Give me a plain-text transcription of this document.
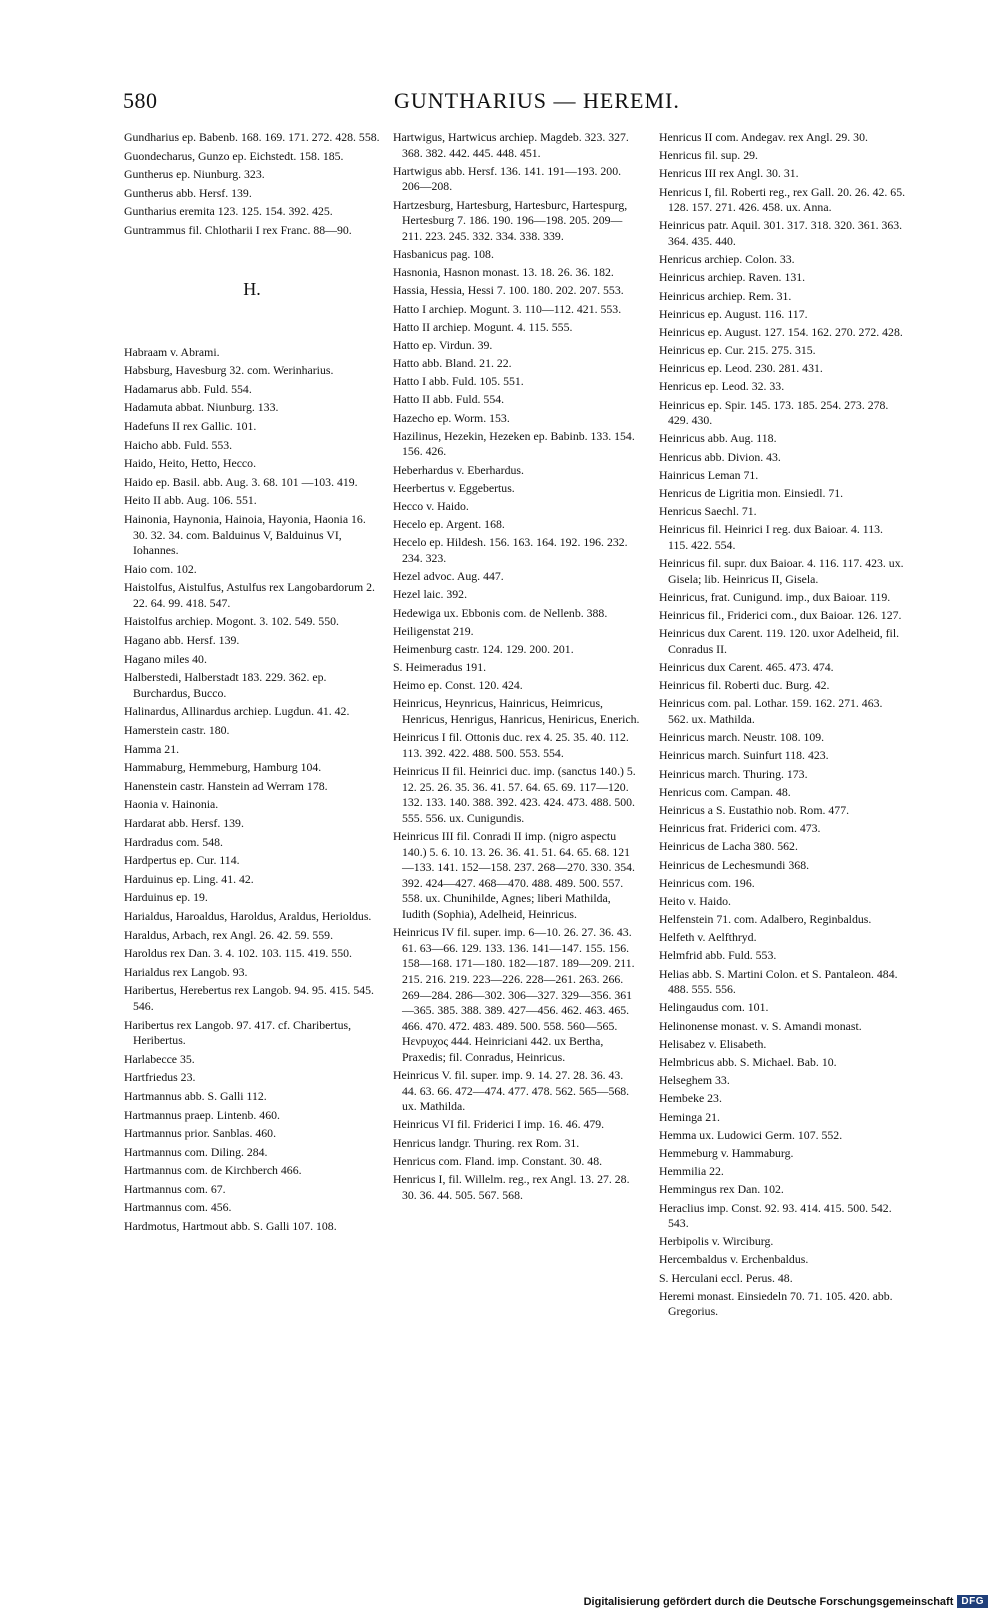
580	GUNTHARIUS — HEREMI.
Gundharius ep. Babenb. 168. 169. 171. 272. 428. 558.
Guondecharus, Gunzo ep. Eichstedt. 158. 185.
Guntherus ep. Niunburg. 323.
Guntherus abb. Hersf. 139.
Guntharius eremita 123. 125. 154. 392. 425.
Guntrammus fil. Chlotharii I rex Franc. 88—90.
H.
Habraam v. Abrami.
Habsburg, Havesburg 32. com. Werinharius.
Hadamarus abb. Fuld. 554.
Hadamuta abbat. Niunburg. 133.
Hadefuns II rex Gallic. 101.
Haicho abb. Fuld. 553.
Haido, Heito, Hetto, Hecco.
Haido ep. Basil. abb. Aug. 3. 68. 101 —103. 419.
Heito II abb. Aug. 106. 551.
Hainonia, Haynonia, Hainoia, Hayonia, Haonia 16. 30. 32. 34. com. Balduinus V, Balduinus VI, Iohannes.
Haio com. 102.
Haistolfus, Aistulfus, Astulfus rex Langobardorum 2. 22. 64. 99. 418. 547.
Haistolfus archiep. Mogont. 3. 102. 549. 550.
Hagano abb. Hersf. 139.
Hagano miles 40.
Halberstedi, Halberstadt 183. 229. 362. ep. Burchardus, Bucco.
Halinardus, Allinardus archiep. Lugdun. 41. 42.
Hamerstein castr. 180.
Hamma 21.
Hammaburg, Hemmeburg, Hamburg 104.
Hanenstein castr. Hanstein ad Werram 178.
Haonia v. Hainonia.
Hardarat abb. Hersf. 139.
Hardradus com. 548.
Hardpertus ep. Cur. 114.
Harduinus ep. Ling. 41. 42.
Harduinus ep. 19.
Harialdus, Haroaldus, Haroldus, Araldus, Herioldus.
Haraldus, Arbach, rex Angl. 26. 42. 59. 559.
Haroldus rex Dan. 3. 4. 102. 103. 115. 419. 550.
Harialdus rex Langob. 93.
Haribertus, Herebertus rex Langob. 94. 95. 415. 545. 546.
Haribertus rex Langob. 97. 417. cf. Charibertus, Heribertus.
Harlabecce 35.
Hartfriedus 23.
Hartmannus abb. S. Galli 112.
Hartmannus praep. Lintenb. 460.
Hartmannus prior. Sanblas. 460.
Hartmannus com. Diling. 284.
Hartmannus com. de Kirchberch 466.
Hartmannus com. 67.
Hartmannus com. 456.
Hardmotus, Hartmout abb. S. Galli 107. 108.
Hartwigus, Hartwicus archiep. Magdeb. 323. 327. 368. 382. 442. 445. 448. 451.
Hartwigus abb. Hersf. 136. 141. 191—193. 200. 206—208.
Hartzesburg, Hartesburg, Hartesburc, Hartespurg, Hertesburg 7. 186. 190. 196—198. 205. 209—211. 223. 245. 332. 334. 338. 339.
Hasbanicus pag. 108.
Hasnonia, Hasnon monast. 13. 18. 26. 36. 182.
Hassia, Hessia, Hessi 7. 100. 180. 202. 207. 553.
Hatto I archiep. Mogunt. 3. 110—112. 421. 553.
Hatto II archiep. Mogunt. 4. 115. 555.
Hatto ep. Virdun. 39.
Hatto abb. Bland. 21. 22.
Hatto I abb. Fuld. 105. 551.
Hatto II abb. Fuld. 554.
Hazecho ep. Worm. 153.
Hazilinus, Hezekin, Hezeken ep. Babinb. 133. 154. 156. 426.
Heberhardus v. Eberhardus.
Heerbertus v. Eggebertus.
Hecco v. Haido.
Hecelo ep. Argent. 168.
Hecelo ep. Hildesh. 156. 163. 164. 192. 196. 232. 234. 323.
Hezel advoc. Aug. 447.
Hezel laic. 392.
Hedewiga ux. Ebbonis com. de Nellenb. 388.
Heiligenstat 219.
Heimenburg castr. 124. 129. 200. 201.
S. Heimeradus 191.
Heimo ep. Const. 120. 424.
Heinricus, Heynricus, Hainricus, Heimricus, Henricus, Henrigus, Hanricus, Heniricus, Enerich.
Heinricus I fil. Ottonis duc. rex 4. 25. 35. 40. 112. 113. 392. 422. 488. 500. 553. 554.
Heinricus II fil. Heinrici duc. imp. (sanctus 140.) 5. 12. 25. 26. 35. 36. 41. 57. 64. 65. 69. 117—120. 132. 133. 140. 388. 392. 423. 424. 473. 488. 500. 555. 556. ux. Cunigundis.
Heinricus III fil. Conradi II imp. (nigro aspectu 140.) 5. 6. 10. 13. 26. 36. 41. 51. 64. 65. 68. 121—133. 141. 152—158. 237. 268—270. 330. 354. 392. 424—427. 468—470. 488. 489. 500. 557. 558. ux. Chunihilde, Agnes; liberi Mathilda, Iudith (Sophia), Adelheid, Heinricus.
Heinricus IV fil. super. imp. 6—10. 26. 27. 36. 43. 61. 63—66. 129. 133. 136. 141—147. 155. 156. 158—168. 171—180. 182—187. 189—209. 211. 215. 216. 219. 223—226. 228—261. 263. 266. 269—284. 286—302. 306—327. 329—356. 361—365. 385. 388. 389. 427—456. 462. 463. 465. 466. 470. 472. 483. 489. 500. 558. 560—565. Ηενρυχος 444. Heinriciani 442. ux Bertha, Praxedis; fil. Conradus, Heinricus.
Heinricus V. fil. super. imp. 9. 14. 27. 28. 36. 43. 44. 63. 66. 472—474. 477. 478. 562. 565—568. ux. Mathilda.
Heinricus VI fil. Friderici I imp. 16. 46. 479.
Henricus landgr. Thuring. rex Rom. 31.
Henricus com. Fland. imp. Constant. 30. 48.
Henricus I, fil. Willelm. reg., rex Angl. 13. 27. 28. 30. 36. 44. 505. 567. 568.
Henricus II com. Andegav. rex Angl. 29. 30.
Henricus fil. sup. 29.
Henricus III rex Angl. 30. 31.
Henricus I, fil. Roberti reg., rex Gall. 20. 26. 42. 65. 128. 157. 271. 426. 458. ux. Anna.
Heinricus patr. Aquil. 301. 317. 318. 320. 361. 363. 364. 435. 440.
Henricus archiep. Colon. 33.
Heinricus archiep. Raven. 131.
Heinricus archiep. Rem. 31.
Heinricus ep. August. 116. 117.
Heinricus ep. August. 127. 154. 162. 270. 272. 428.
Heinricus ep. Cur. 215. 275. 315.
Heinricus ep. Leod. 230. 281. 431.
Henricus ep. Leod. 32. 33.
Heinricus ep. Spir. 145. 173. 185. 254. 273. 278. 429. 430.
Heinricus abb. Aug. 118.
Henricus abb. Divion. 43.
Hainricus Leman 71.
Henricus de Ligritia mon. Einsiedl. 71.
Henricus Saechl. 71.
Heinricus fil. Heinrici I reg. dux Baioar. 4. 113. 115. 422. 554.
Heinricus fil. supr. dux Baioar. 4. 116. 117. 423. ux. Gisela; lib. Heinricus II, Gisela.
Heinricus, frat. Cunigund. imp., dux Baioar. 119.
Heinricus fil., Friderici com., dux Baioar. 126. 127.
Heinricus dux Carent. 119. 120. uxor Adelheid, fil. Conradus II.
Heinricus dux Carent. 465. 473. 474.
Heinricus fil. Roberti duc. Burg. 42.
Heinricus com. pal. Lothar. 159. 162. 271. 463. 562. ux. Mathilda.
Heinricus march. Neustr. 108. 109.
Heinricus march. Suinfurt 118. 423.
Heinricus march. Thuring. 173.
Henricus com. Campan. 48.
Heinricus a S. Eustathio nob. Rom. 477.
Heinricus frat. Friderici com. 473.
Heinricus de Lacha 380. 562.
Heinricus de Lechesmundi 368.
Heinricus com. 196.
Heito v. Haido.
Helfenstein 71. com. Adalbero, Reginbaldus.
Helfeth v. Aelfthryd.
Helmfrid abb. Fuld. 553.
Helias abb. S. Martini Colon. et S. Pantaleon. 484. 488. 555. 556.
Helingaudus com. 101.
Helinonense monast. v. S. Amandi monast.
Helisabez v. Elisabeth.
Helmbricus abb. S. Michael. Bab. 10.
Helseghem 33.
Hembeke 23.
Heminga 21.
Hemma ux. Ludowici Germ. 107. 552.
Hemmeburg v. Hammaburg.
Hemmilia 22.
Hemmingus rex Dan. 102.
Heraclius imp. Const. 92. 93. 414. 415. 500. 542. 543.
Herbipolis v. Wirciburg.
Hercembaldus v. Erchenbaldus.
S. Herculani eccl. Perus. 48.
Heremi monast. Einsiedeln 70. 71. 105. 420. abb. Gregorius.
Digitalisierung gefördert durch die Deutsche Forschungsgemeinschaft DFG
